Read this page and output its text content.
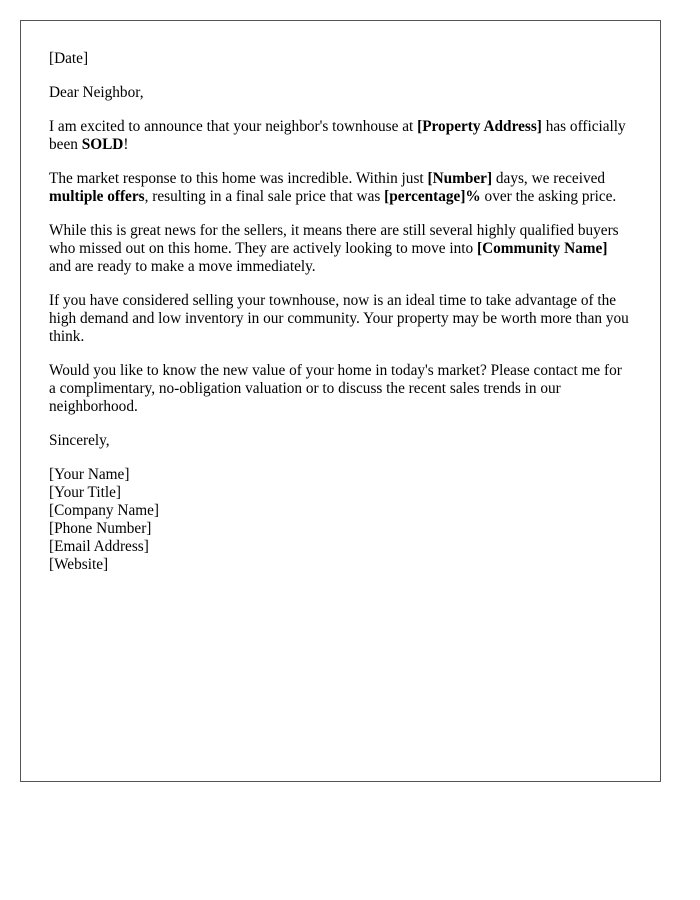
[Date]

Dear Neighbor,

I am excited to announce that your neighbor's townhouse at [Property Address] has officially been SOLD!

The market response to this home was incredible. Within just [Number] days, we received multiple offers, resulting in a final sale price that was [percentage]% over the asking price.

While this is great news for the sellers, it means there are still several highly qualified buyers who missed out on this home. They are actively looking to move into [Community Name] and are ready to make a move immediately.

If you have considered selling your townhouse, now is an ideal time to take advantage of the high demand and low inventory in our community. Your property may be worth more than you think.

Would you like to know the new value of your home in today's market? Please contact me for a complimentary, no-obligation valuation or to discuss the recent sales trends in our neighborhood.

Sincerely,

[Your Name]
[Your Title]
[Company Name]
[Phone Number]
[Email Address]
[Website]
